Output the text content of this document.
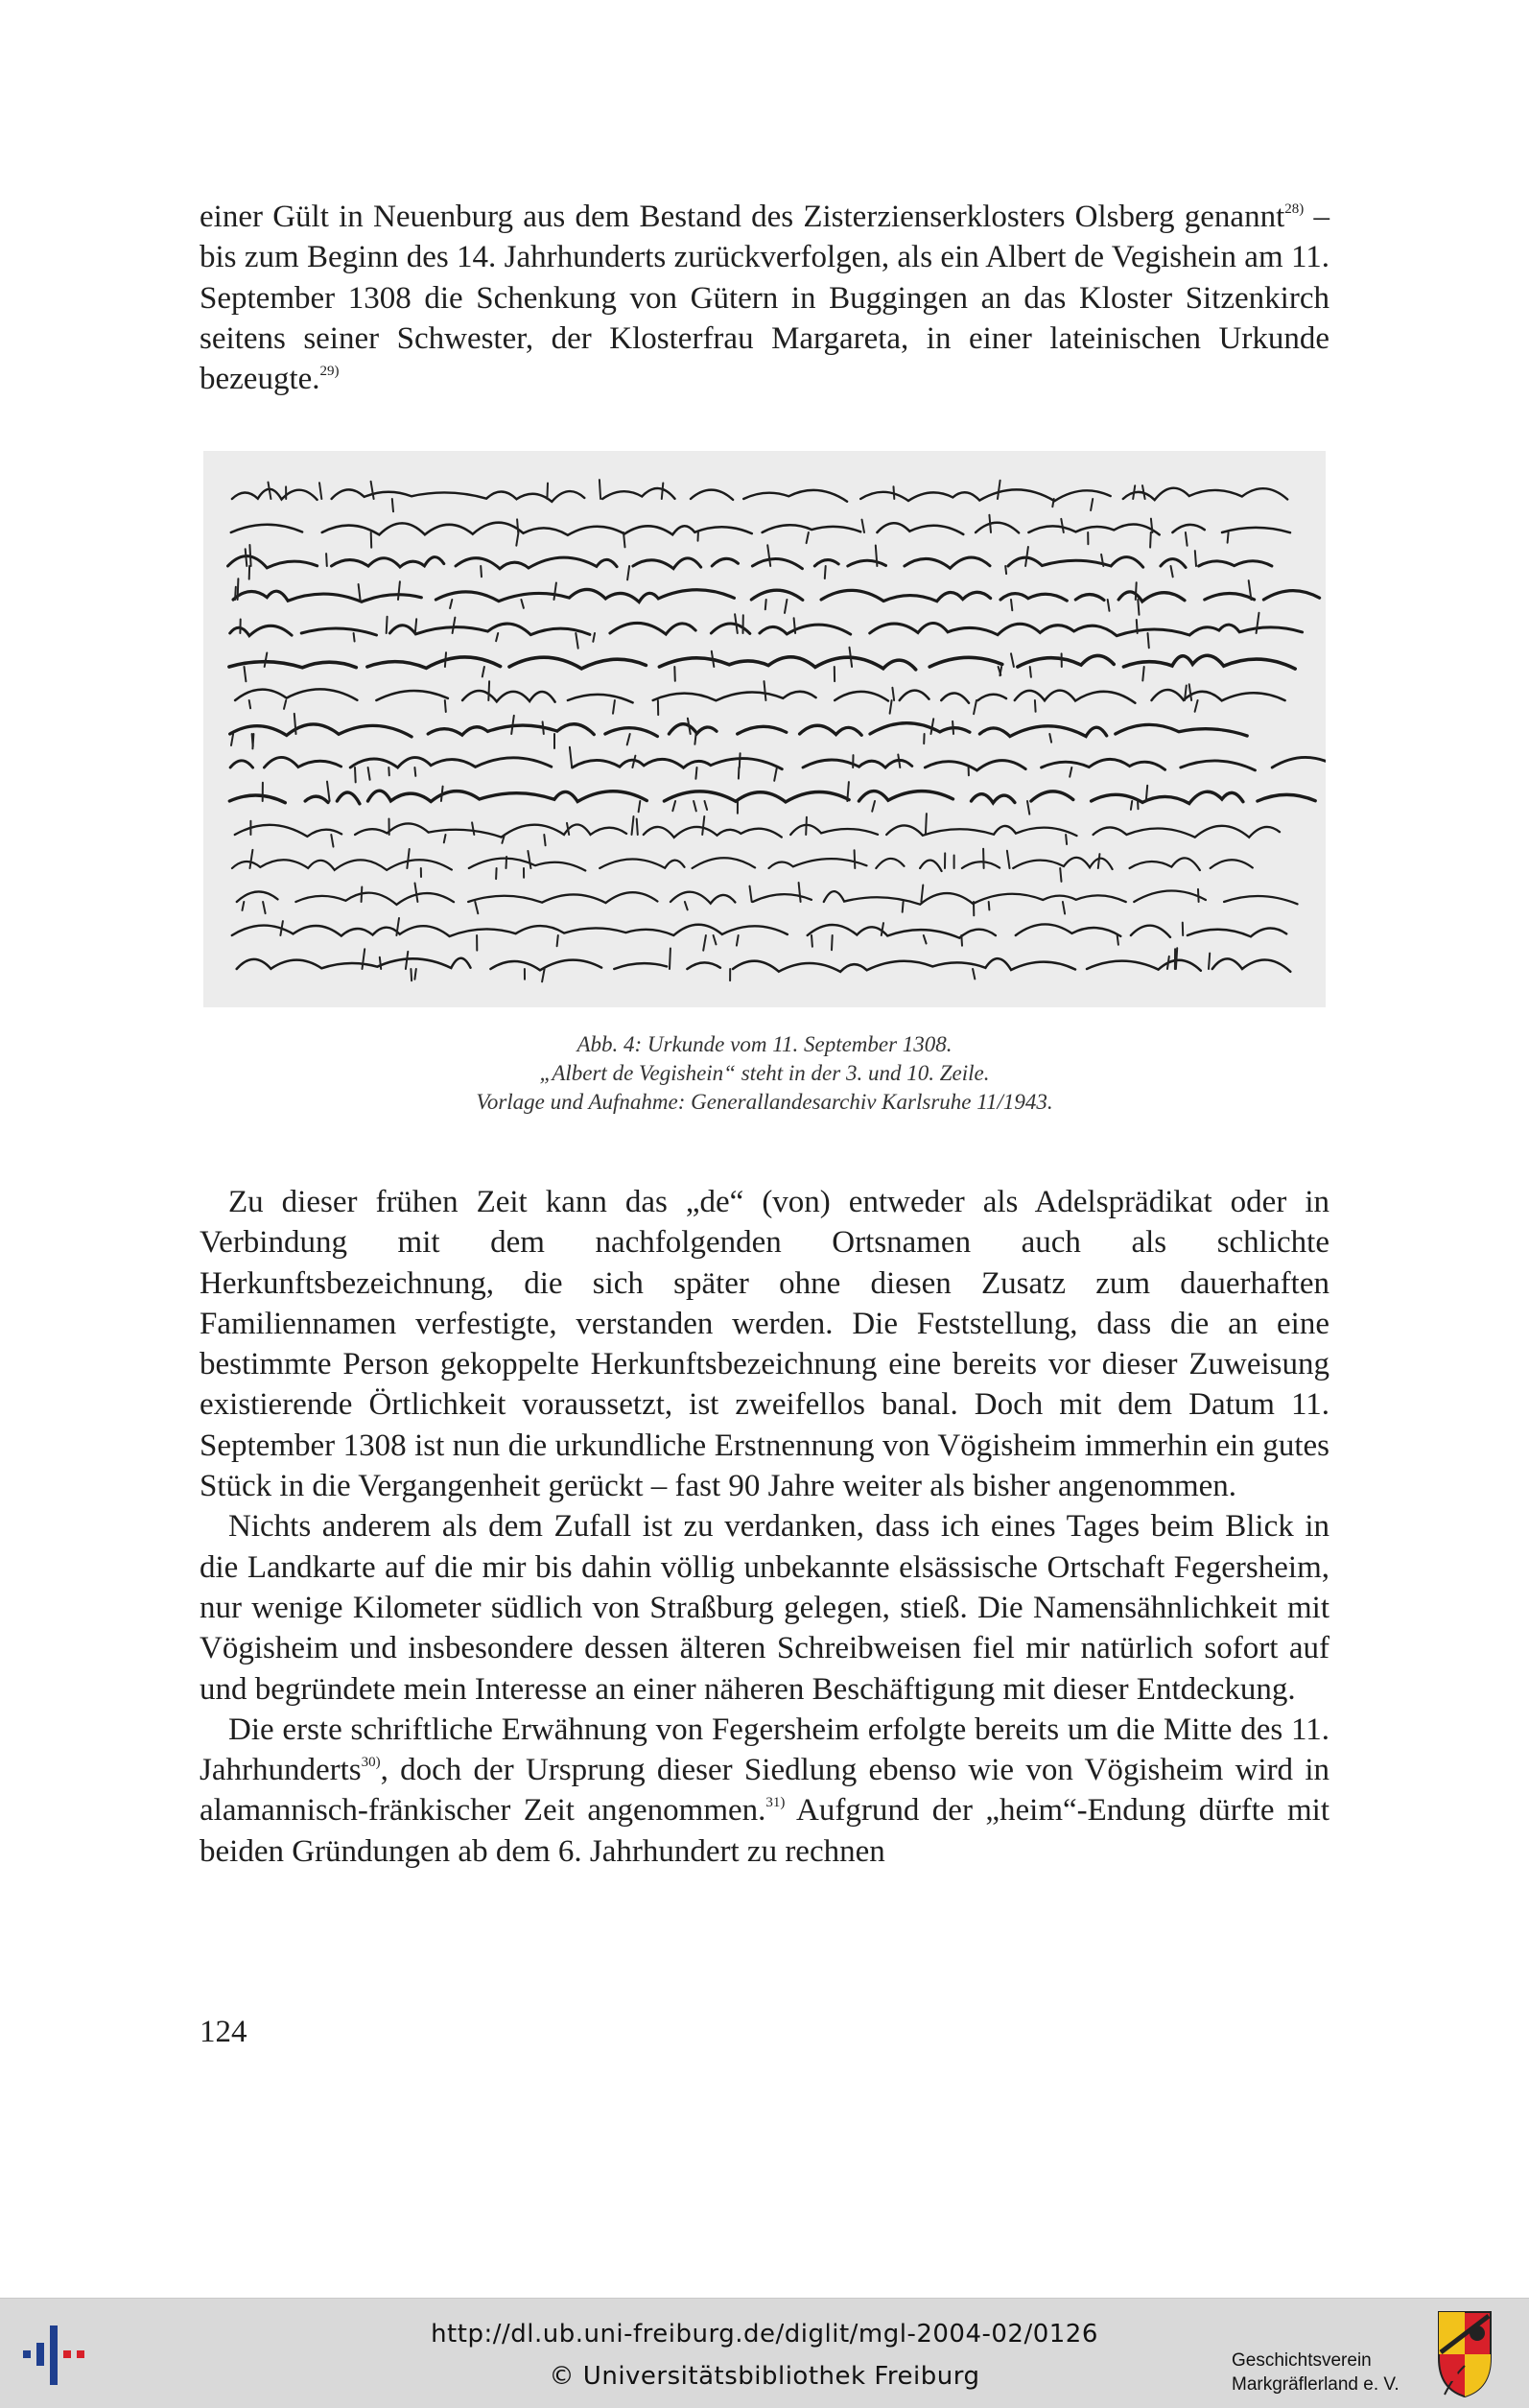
einer Gült in Neuenburg aus dem Bestand des Zisterzienserklosters Olsberg genannt$^{28)}$ – bis zum Beginn des 14. Jahrhunderts zurückverfolgen, als ein Albert de Vegishein am 11. September 1308 die Schenkung von Gütern in Buggingen an das Kloster Sitzenkirch seitens seiner Schwester, der Klosterfrau Margareta, in einer lateinischen Urkunde bezeugte.$^{29)}$
Abb. 4: Urkunde vom 11. September 1308.
„Albert de Vegishein“ steht in der 3. und 10. Zeile.
Vorlage und Aufnahme: Generallandesarchiv Karlsruhe 11/1943.

Zu dieser frühen Zeit kann das „de“ (von) entweder als Adelsprädikat oder in Verbindung mit dem nachfolgenden Ortsnamen auch als schlichte Herkunftsbezeichnung, die sich später ohne diesen Zusatz zum dauerhaften Familiennamen verfestigte, verstanden werden. Die Feststellung, dass die an eine bestimmte Person gekoppelte Herkunftsbezeichnung eine bereits vor dieser Zuweisung existierende Örtlichkeit voraussetzt, ist zweifellos banal. Doch mit dem Datum 11. September 1308 ist nun die urkundliche Erstnennung von Vögisheim immerhin ein gutes Stück in die Vergangenheit gerückt – fast 90 Jahre weiter als bisher angenommen.

Nichts anderem als dem Zufall ist zu verdanken, dass ich eines Tages beim Blick in die Landkarte auf die mir bis dahin völlig unbekannte elsässische Ortschaft Fegersheim, nur wenige Kilometer südlich von Straßburg gelegen, stieß. Die Namensähnlichkeit mit Vögisheim und insbesondere dessen älteren Schreibweisen fiel mir natürlich sofort auf und begründete mein Interesse an einer näheren Beschäftigung mit dieser Entdeckung.

Die erste schriftliche Erwähnung von Fegersheim erfolgte bereits um die Mitte des 11. Jahrhunderts$^{30)}$, doch der Ursprung dieser Siedlung ebenso wie von Vögisheim wird in alamannisch-fränkischer Zeit angenommen.$^{31)}$ Aufgrund der „heim“-Endung dürfte mit beiden Gründungen ab dem 6. Jahrhundert zu rechnen

124
http://dl.ub.uni-freiburg.de/diglit/mgl-2004-02/0126
© Universitätsbibliothek Freiburg
Geschichtsverein
Markgräflerland e. V.
